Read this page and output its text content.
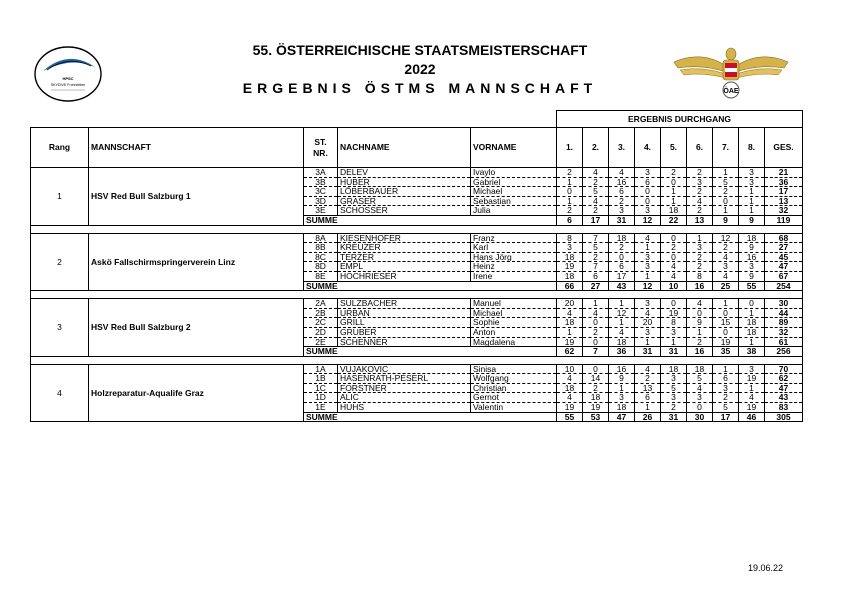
55. ÖSTERREICHISCHE STAATSMEISTERSCHAFT
2022
ERGEBNIS ÖSTMS MANNSCHAFT
HPSC
SKYDIVE Frohnleiten
ÖAE
					ERGEBNIS DURCHGANG								
Rang	MANNSCHAFT	ST. NR.	NACHNAME	VORNAME	1.	2.	3.	4.	5.	6.	7.	8.	GES.
1	HSV Red Bull Salzburg 1	3A	DELEV	Ivaylo	2	4	4	3	2	2	1	3	21
		3B	HUBER	Gabriel	1	2	16	6	0	3	5	3	36
		3C	LÖBERBAUER	Michael	0	5	6	0	1	2	2	1	17
		3D	GRASER	Sebastian	1	4	2	0	1	4	0	1	13
		3E	SCHOSSER	Julia	2	2	3	3	18	2	1	1	32
		SUMME			6	17	31	12	22	13	9	9	119

2	Askö Fallschirmspringerverein Linz	8A	KIESENHOFER	Franz	8	7	18	4	0	1	12	18	68
		8B	KREUZER	Karl	3	5	2	1	2	3	2	9	27
		8C	TERZER	Hans Jörg	18	2	0	3	0	2	4	16	45
		8D	EMPL	Heinz	19	7	6	3	4	2	3	3	47
		8E	HOCHRIESER	Irene	18	6	17	1	4	8	4	9	67
		SUMME			66	27	43	12	10	16	25	55	254

3	HSV Red Bull Salzburg 2	2A	SULZBACHER	Manuel	20	1	1	3	0	4	1	0	30
		2B	URBAN	Michael	4	4	12	4	19	0	0	1	44
		2C	GRILL	Sophie	18	0	1	20	8	9	15	18	89
		2D	GRUBER	Anton	1	2	4	3	3	1	0	18	32
		2E	SCHENNER	Magdalena	19	0	18	1	1	2	19	1	61
		SUMME			62	7	36	31	31	16	35	38	256

4	Holzreparatur-Aqualife Graz	1A	VUJAKOVIC	Sinisa	10	0	16	4	18	18	1	3	70
		1B	HASENRATH-PESERL	Wolfgang	4	14	9	2	3	5	6	19	62
		1C	FORSTNER	Christian	18	2	1	13	5	4	3	1	47
		1D	ALIC	Gernot	4	18	3	6	3	3	2	4	43
		1E	HUHS	Valentin	19	19	18	1	2	0	5	19	83
		SUMME			55	53	47	26	31	30	17	46	305
19.06.22
